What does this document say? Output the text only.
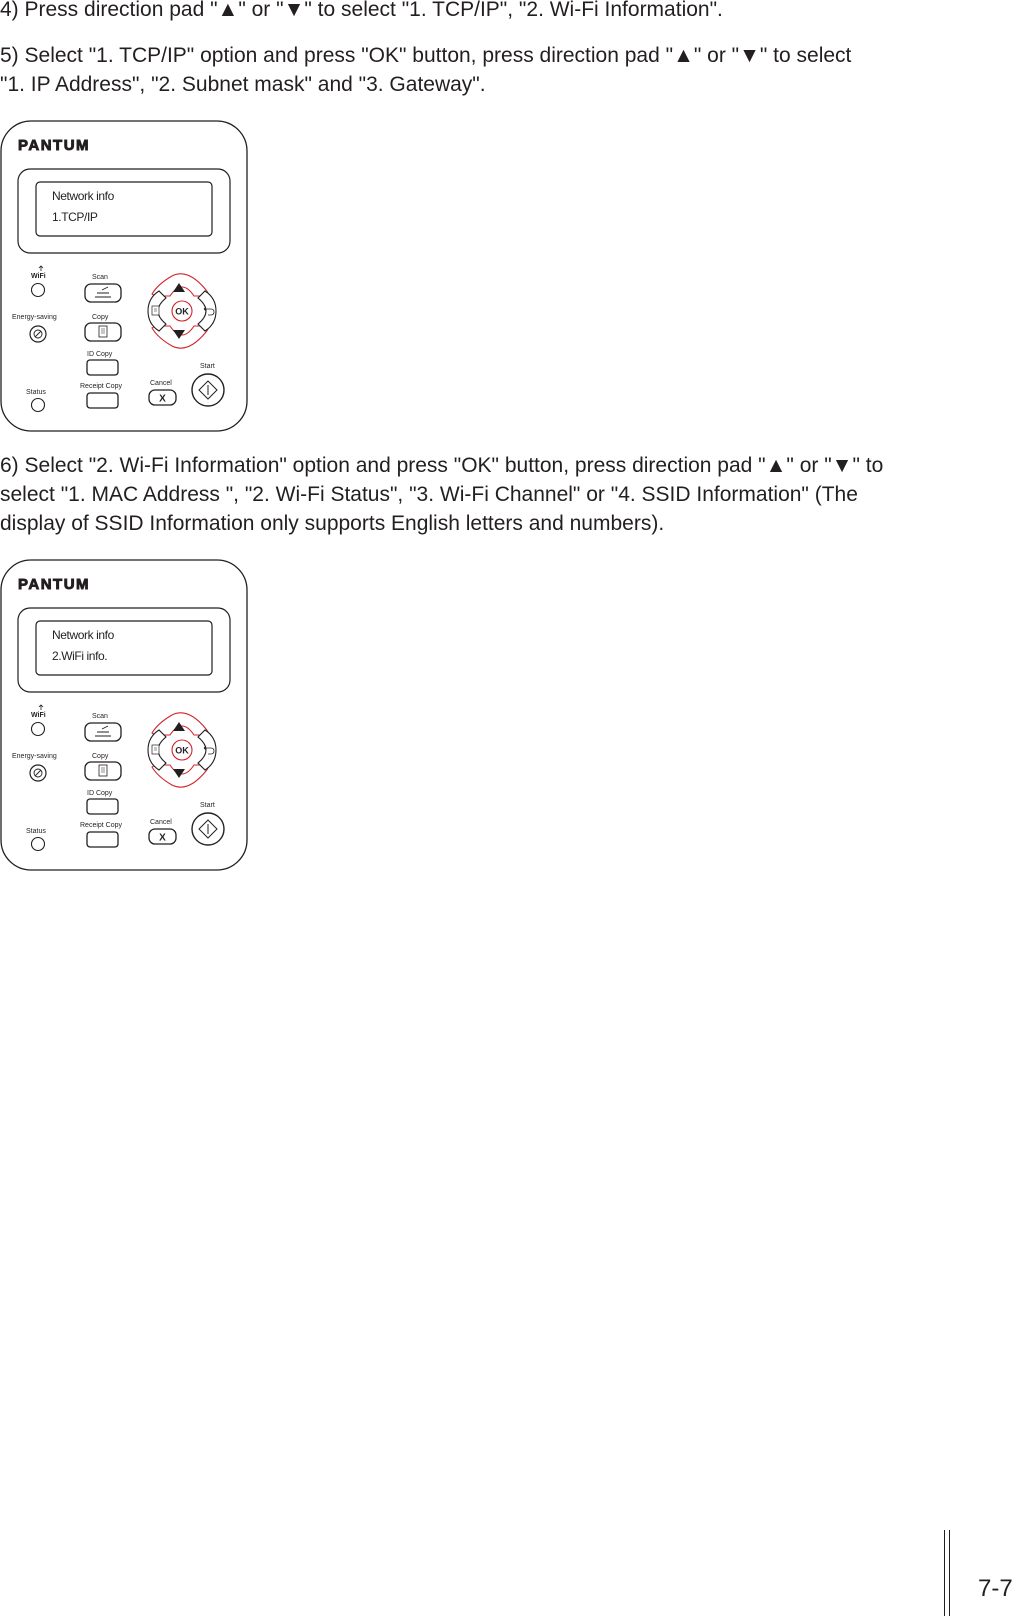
4) Press direction pad "▲" or "▼" to select "1. TCP/IP", "2. Wi-Fi Information".

5) Select "1. TCP/IP" option and press "OK" button, press direction pad "▲" or "▼" to select
"1. IP Address", "2. Subnet mask" and "3. Gateway".

PANTUM
Network info
1.TCP/IP
WiFi
Energy-saving
Status
Scan
Copy
ID Copy
Receipt Copy
OK
Cancel
X
Start

6) Select "2. Wi-Fi Information" option and press "OK" button, press direction pad "▲" or "▼" to
select "1. MAC Address ", "2. Wi-Fi Status", "3. Wi-Fi Channel" or "4. SSID Information" (The
display of SSID Information only supports English letters and numbers).

PANTUM
Network info
2.WiFi info.
WiFi
Energy-saving
Status
Scan
Copy
ID Copy
Receipt Copy
OK
Cancel
X
Start
7-7
